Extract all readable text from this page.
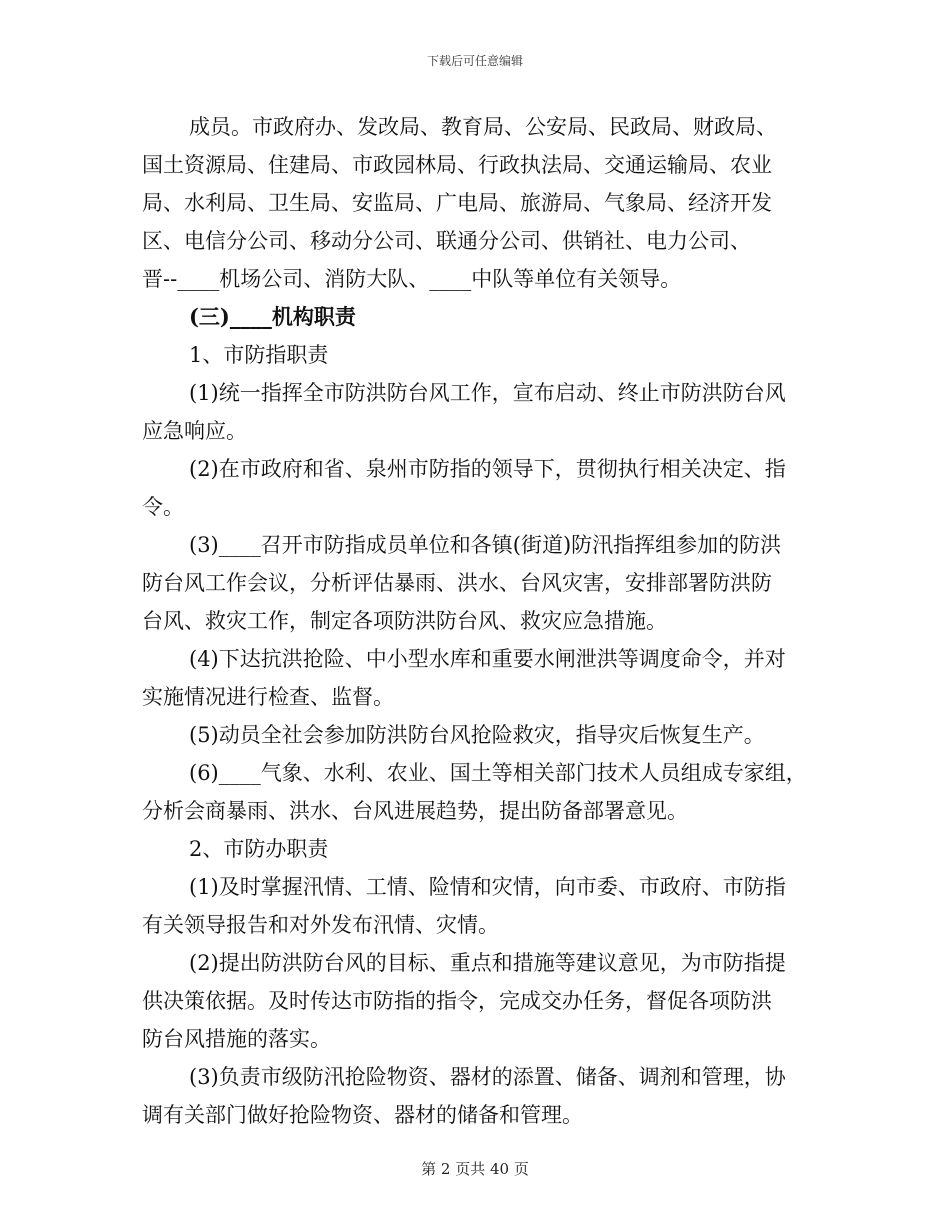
下载后可任意编辑
成员。市政府办、发改局、教育局、公安局、民政局、财政局、
国土资源局、住建局、市政园林局、行政执法局、交通运输局、农业
局、水利局、卫生局、安监局、广电局、旅游局、气象局、经济开发
区、电信分公司、移动分公司、联通分公司、供销社、电力公司、
晋--____机场公司、消防大队、____中队等单位有关领导。
(三)____机构职责
1、市防指职责
(1)统一指挥全市防洪防台风工作，宣布启动、终止市防洪防台风
应急响应。
(2)在市政府和省、泉州市防指的领导下，贯彻执行相关决定、指
令。
(3)____召开市防指成员单位和各镇(街道)防汛指挥组参加的防洪
防台风工作会议，分析评估暴雨、洪水、台风灾害，安排部署防洪防
台风、救灾工作，制定各项防洪防台风、救灾应急措施。
(4)下达抗洪抢险、中小型水库和重要水闸泄洪等调度命令，并对
实施情况进行检查、监督。
(5)动员全社会参加防洪防台风抢险救灾，指导灾后恢复生产。
(6)____气象、水利、农业、国土等相关部门技术人员组成专家组，
分析会商暴雨、洪水、台风进展趋势，提出防备部署意见。
2、市防办职责
(1)及时掌握汛情、工情、险情和灾情，向市委、市政府、市防指
有关领导报告和对外发布汛情、灾情。
(2)提出防洪防台风的目标、重点和措施等建议意见，为市防指提
供决策依据。及时传达市防指的指令，完成交办任务，督促各项防洪
防台风措施的落实。
(3)负责市级防汛抢险物资、器材的添置、储备、调剂和管理，协
调有关部门做好抢险物资、器材的储备和管理。
第 2 页共 40 页
